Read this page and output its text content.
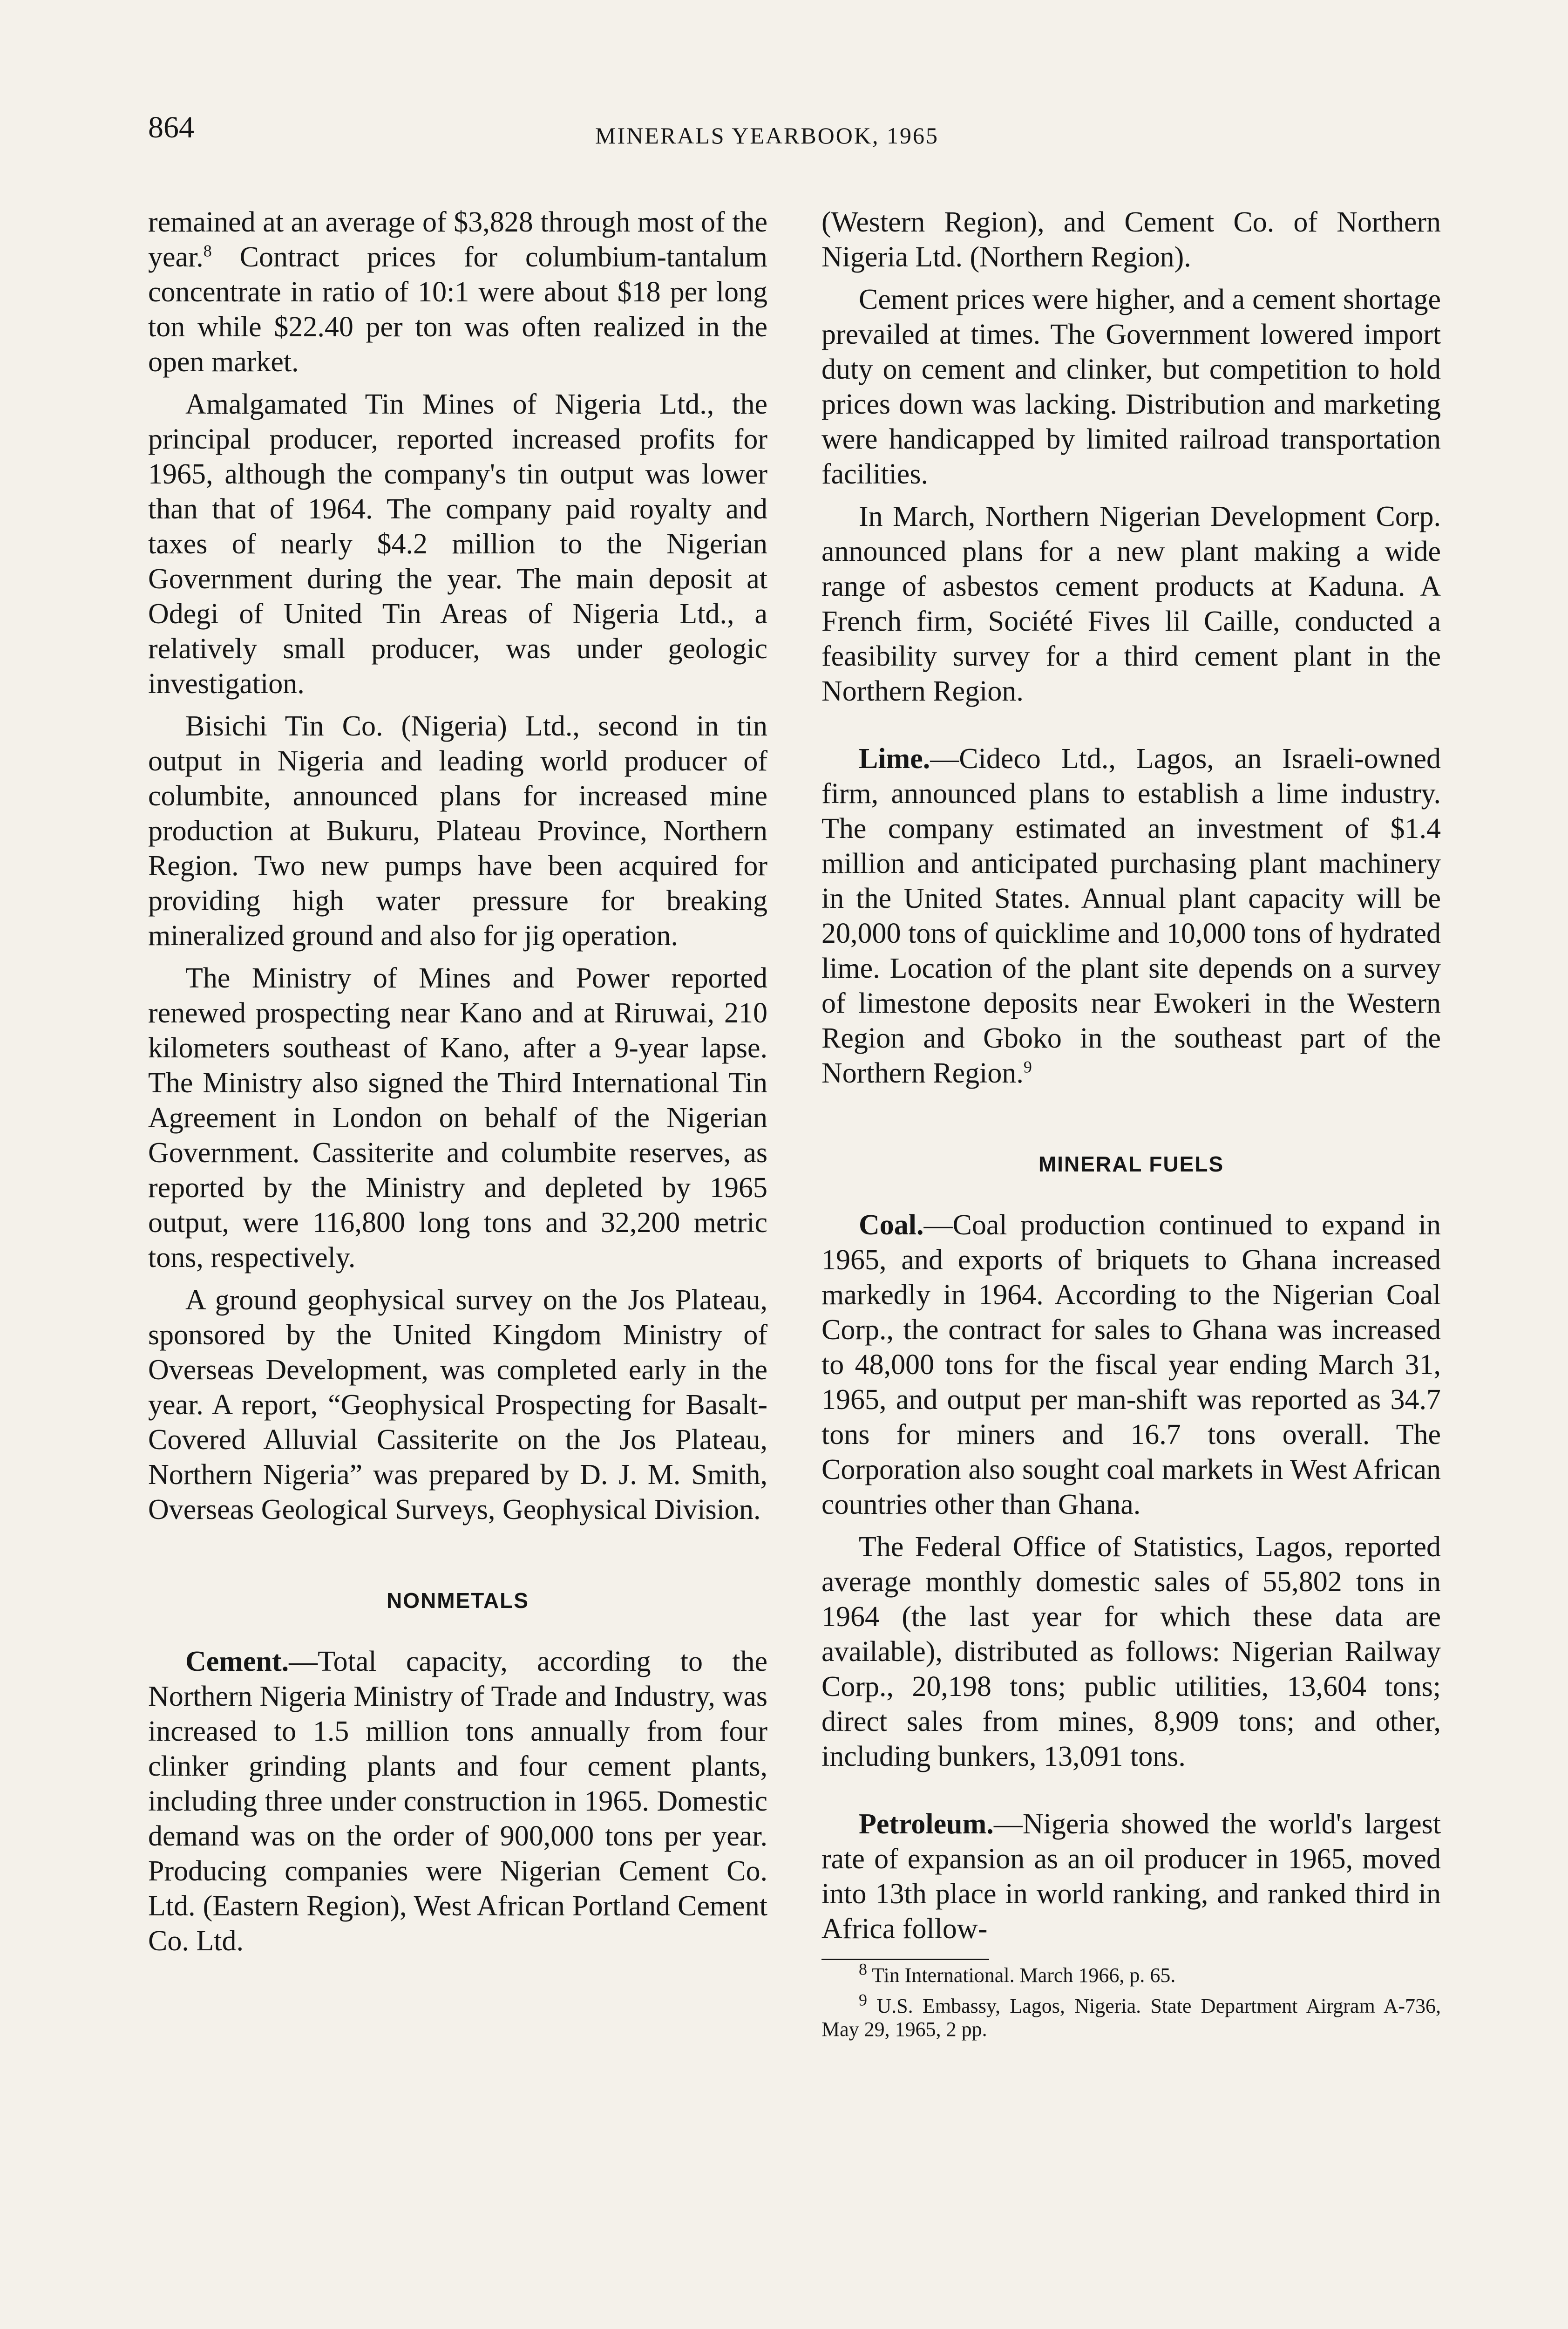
864	MINERALS YEARBOOK, 1965

remained at an average of $3,828 through most of the year.$^8$ Contract prices for columbium-tantalum concentrate in ratio of 10:1 were about $18 per long ton while $22.40 per ton was often realized in the open market.

Amalgamated Tin Mines of Nigeria Ltd., the principal producer, reported increased profits for 1965, although the company's tin output was lower than that of 1964. The company paid royalty and taxes of nearly $4.2 million to the Nigerian Government during the year. The main deposit at Odegi of United Tin Areas of Nigeria Ltd., a relatively small producer, was under geologic investigation.

Bisichi Tin Co. (Nigeria) Ltd., second in tin output in Nigeria and leading world producer of columbite, announced plans for increased mine production at Bukuru, Plateau Province, Northern Region. Two new pumps have been acquired for providing high water pressure for breaking mineralized ground and also for jig operation.

The Ministry of Mines and Power reported renewed prospecting near Kano and at Riruwai, 210 kilometers southeast of Kano, after a 9-year lapse. The Ministry also signed the Third International Tin Agreement in London on behalf of the Nigerian Government. Cassiterite and columbite reserves, as reported by the Ministry and depleted by 1965 output, were 116,800 long tons and 32,200 metric tons, respectively.

A ground geophysical survey on the Jos Plateau, sponsored by the United Kingdom Ministry of Overseas Development, was completed early in the year. A report, “Geophysical Prospecting for Basalt-Covered Alluvial Cassiterite on the Jos Plateau, Northern Nigeria” was prepared by D. J. M. Smith, Overseas Geological Surveys, Geophysical Division.

NONMETALS

Cement.—Total capacity, according to the Northern Nigeria Ministry of Trade and Industry, was increased to 1.5 million tons annually from four clinker grinding plants and four cement plants, including three under construction in 1965. Domestic demand was on the order of 900,000 tons per year. Producing companies were Nigerian Cement Co. Ltd. (Eastern Region), West African Portland Cement Co. Ltd.

(Western Region), and Cement Co. of Northern Nigeria Ltd. (Northern Region).

Cement prices were higher, and a cement shortage prevailed at times. The Government lowered import duty on cement and clinker, but competition to hold prices down was lacking. Distribution and marketing were handicapped by limited railroad transportation facilities.

In March, Northern Nigerian Development Corp. announced plans for a new plant making a wide range of asbestos cement products at Kaduna. A French firm, Société Fives lil Caille, conducted a feasibility survey for a third cement plant in the Northern Region.

Lime.—Cideco Ltd., Lagos, an Israeli-owned firm, announced plans to establish a lime industry. The company estimated an investment of $1.4 million and anticipated purchasing plant machinery in the United States. Annual plant capacity will be 20,000 tons of quicklime and 10,000 tons of hydrated lime. Location of the plant site depends on a survey of limestone deposits near Ewokeri in the Western Region and Gboko in the southeast part of the Northern Region.$^9$

MINERAL FUELS

Coal.—Coal production continued to expand in 1965, and exports of briquets to Ghana increased markedly in 1964. According to the Nigerian Coal Corp., the contract for sales to Ghana was increased to 48,000 tons for the fiscal year ending March 31, 1965, and output per man-shift was reported as 34.7 tons for miners and 16.7 tons overall. The Corporation also sought coal markets in West African countries other than Ghana.

The Federal Office of Statistics, Lagos, reported average monthly domestic sales of 55,802 tons in 1964 (the last year for which these data are available), distributed as follows: Nigerian Railway Corp., 20,198 tons; public utilities, 13,604 tons; direct sales from mines, 8,909 tons; and other, including bunkers, 13,091 tons.

Petroleum.—Nigeria showed the world's largest rate of expansion as an oil producer in 1965, moved into 13th place in world ranking, and ranked third in Africa follow-

$^8$ Tin International. March 1966, p. 65.

$^9$ U.S. Embassy, Lagos, Nigeria. State Department Airgram A-736, May 29, 1965, 2 pp.
